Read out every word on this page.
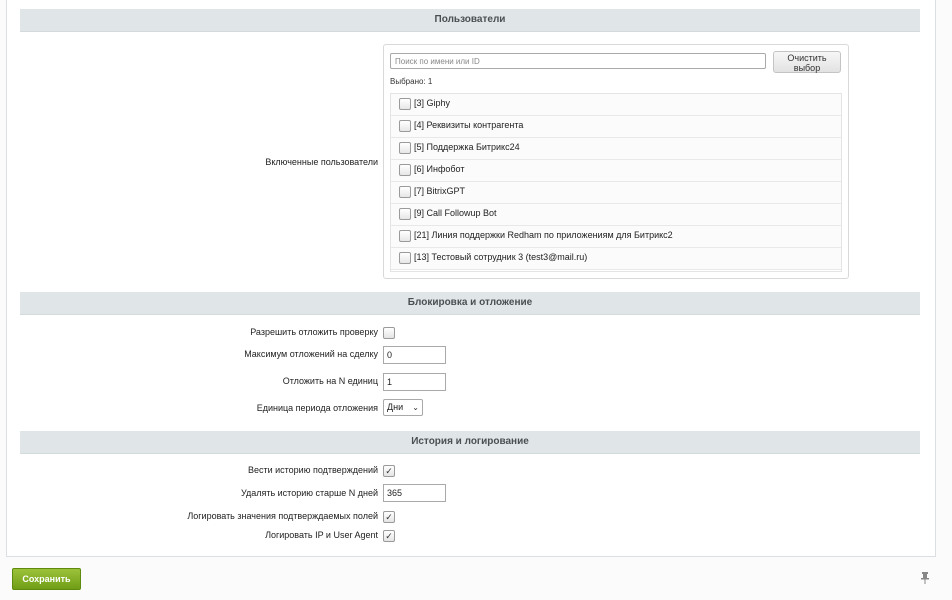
Пользователи
Включенные пользователи
Поиск по имени или ID
Очистить выбор
Выбрано: 1
[3] Giphy
[4] Реквизиты контрагента
[5] Поддержка Битрикс24
[6] Инфобот
[7] BitrixGPT
[9] Call Followup Bot
[21] Линия поддержки Redham по приложениям для Битрикс2
[13] Тестовый сотрудник 3 (test3@mail.ru)
Блокировка и отложение
Разрешить отложить проверку
Максимум отложений на сделку	0
Отложить на N единиц	1
Единица периода отложения	Дни ⌄
История и логирование
Вести историю подтверждений ✓
Удалять историю старше N дней	365
Логировать значения подтверждаемых полей ✓
Логировать IP и User Agent ✓
Сохранить
